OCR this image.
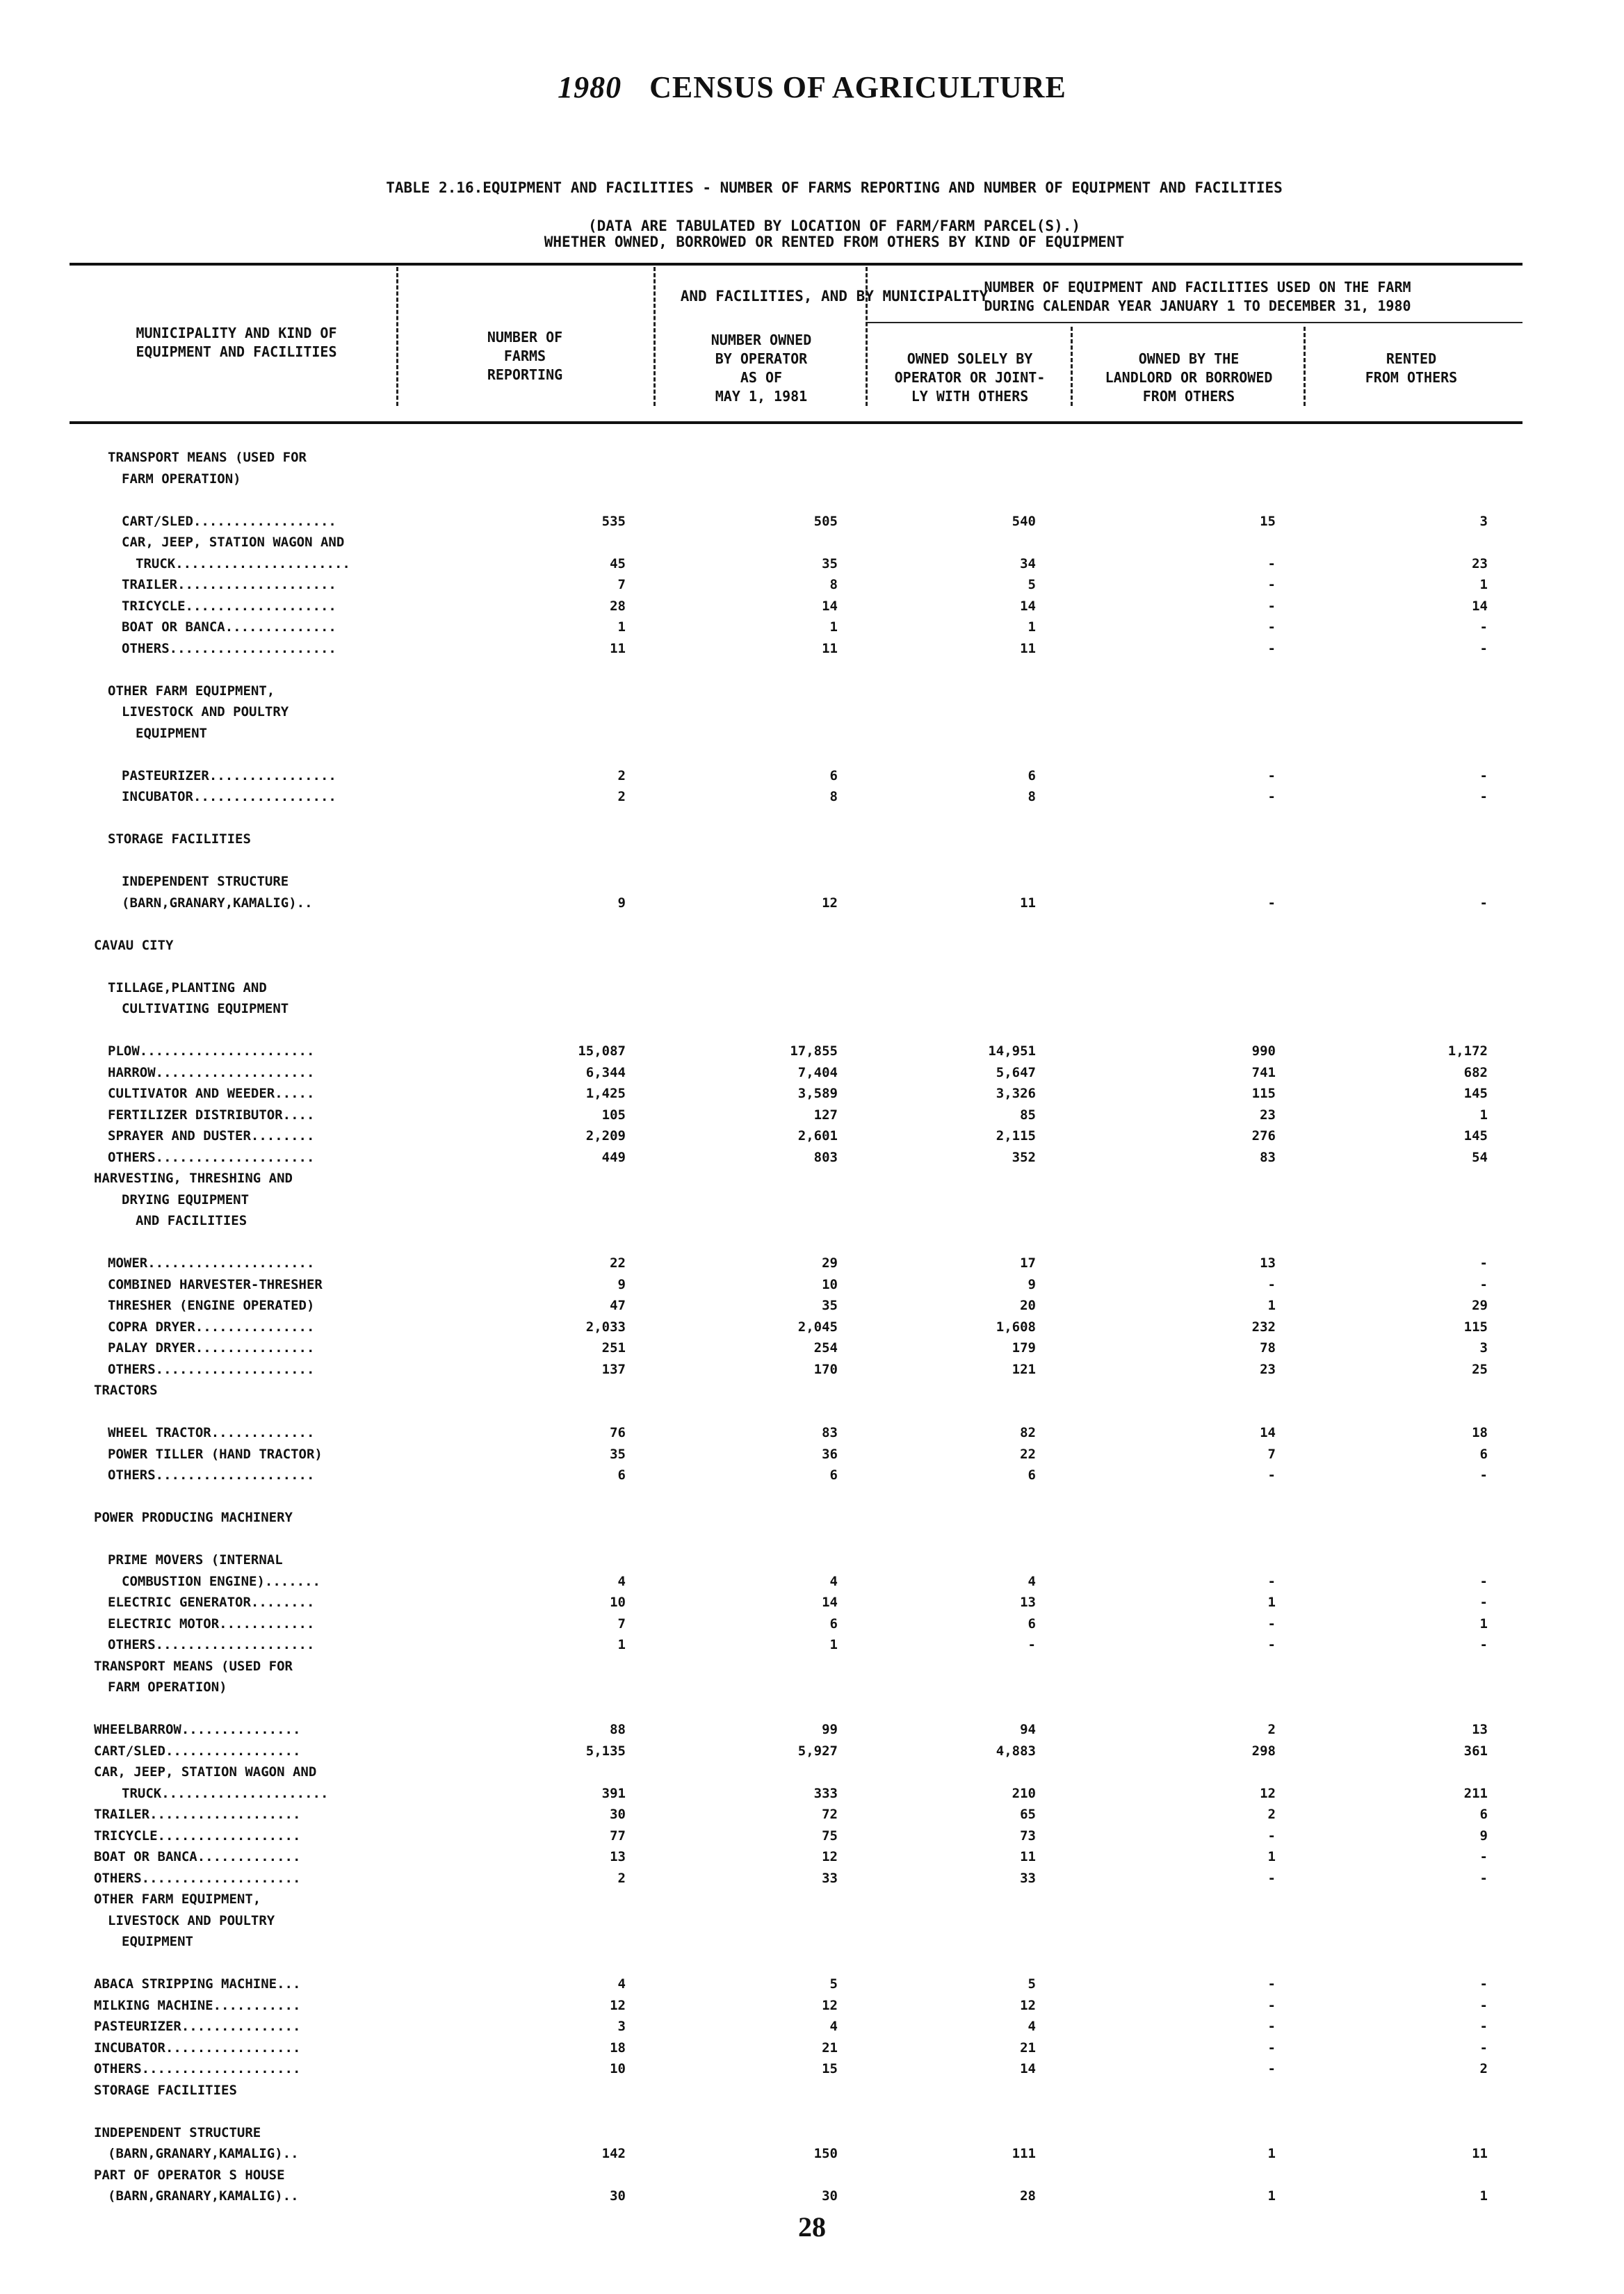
1980 CENSUS OF AGRICULTURE

TABLE 2.16.EQUIPMENT AND FACILITIES - NUMBER OF FARMS REPORTING AND NUMBER OF EQUIPMENT AND FACILITIES

WHETHER OWNED, BORROWED OR RENTED FROM OTHERS BY KIND OF EQUIPMENT

AND FACILITIES, AND BY MUNICIPALITY

(DATA ARE TABULATED BY LOCATION OF FARM/FARM PARCEL(S).)
MUNICIPALITY AND KIND OF
EQUIPMENT AND FACILITIES
NUMBER OF
FARMS
REPORTING
NUMBER OWNED
BY OPERATOR
AS OF
MAY 1, 1981
NUMBER OF EQUIPMENT AND FACILITIES USED ON THE FARM
DURING CALENDAR YEAR JANUARY 1 TO DECEMBER 31, 1980
OWNED SOLELY BY
OPERATOR OR JOINT-
LY WITH OTHERS
OWNED BY THE
LANDLORD OR BORROWED
FROM OTHERS
RENTED
FROM OTHERS
TRANSPORT MEANS (USED FOR
FARM OPERATION)
CART/SLED..................	535	505	540	15	3
CAR, JEEP, STATION WAGON AND
TRUCK......................	45	35	34	-	23
TRAILER....................	7	8	5	-	1
TRICYCLE...................	28	14	14	-	14
BOAT OR BANCA..............	1	1	1	-	-
OTHERS.....................	11	11	11	-	-
OTHER FARM EQUIPMENT,
LIVESTOCK AND POULTRY
EQUIPMENT
PASTEURIZER................	2	6	6	-	-
INCUBATOR..................	2	8	8	-	-
STORAGE FACILITIES
INDEPENDENT STRUCTURE
(BARN,GRANARY,KAMALIG)..	9	12	11	-	-
CAVAU CITY
TILLAGE,PLANTING AND
CULTIVATING EQUIPMENT
PLOW......................	15,087	17,855	14,951	990	1,172
HARROW....................	6,344	7,404	5,647	741	682
CULTIVATOR AND WEEDER.....	1,425	3,589	3,326	115	145
FERTILIZER DISTRIBUTOR....	105	127	85	23	1
SPRAYER AND DUSTER........	2,209	2,601	2,115	276	145
OTHERS....................	449	803	352	83	54
HARVESTING, THRESHING AND
DRYING EQUIPMENT
AND FACILITIES
MOWER.....................	22	29	17	13	-
COMBINED HARVESTER-THRESHER	9	10	9	-	-
THRESHER (ENGINE OPERATED)	47	35	20	1	29
COPRA DRYER...............	2,033	2,045	1,608	232	115
PALAY DRYER...............	251	254	179	78	3
OTHERS....................	137	170	121	23	25
TRACTORS
WHEEL TRACTOR.............	76	83	82	14	18
POWER TILLER (HAND TRACTOR)	35	36	22	7	6
OTHERS....................	6	6	6	-	-
POWER PRODUCING MACHINERY
PRIME MOVERS (INTERNAL
COMBUSTION ENGINE).......	4	4	4	-	-
ELECTRIC GENERATOR........	10	14	13	1	-
ELECTRIC MOTOR............	7	6	6	-	1
OTHERS....................	1	1	-	-	-
TRANSPORT MEANS (USED FOR
FARM OPERATION)
WHEELBARROW...............	88	99	94	2	13
CART/SLED.................	5,135	5,927	4,883	298	361
CAR, JEEP, STATION WAGON AND
TRUCK.....................	391	333	210	12	211
TRAILER...................	30	72	65	2	6
TRICYCLE..................	77	75	73	-	9
BOAT OR BANCA.............	13	12	11	1	-
OTHERS....................	2	33	33	-	-
OTHER FARM EQUIPMENT,
LIVESTOCK AND POULTRY
EQUIPMENT
ABACA STRIPPING MACHINE...	4	5	5	-	-
MILKING MACHINE...........	12	12	12	-	-
PASTEURIZER...............	3	4	4	-	-
INCUBATOR.................	18	21	21	-	-
OTHERS....................	10	15	14	-	2
STORAGE FACILITIES
INDEPENDENT STRUCTURE
(BARN,GRANARY,KAMALIG)..	142	150	111	1	11
PART OF OPERATOR S HOUSE
(BARN,GRANARY,KAMALIG)..	30	30	28	1	1
28
